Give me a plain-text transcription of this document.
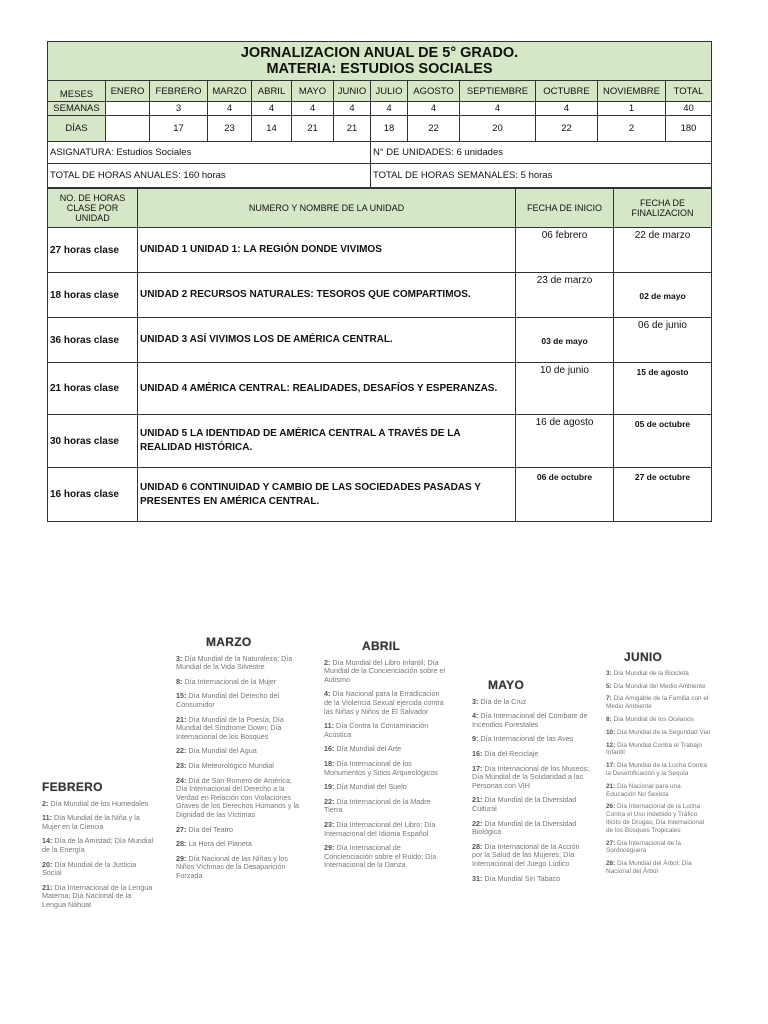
JORNALIZACION ANUAL DE 5° GRADO.
MATERIA: ESTUDIOS SOCIALES												

MESES	ENERO	FEBRERO	MARZO	ABRIL	MAYO	JUNIO	JULIO	AGOSTO	SEPTIEMBRE	OCTUBRE	NOVIEMBRE	TOTAL
SEMANAS		3	4	4	4	4	4	4	4	4	1	40
DÍAS		17	23	14	21	21	18	22	20	22	2	180
ASIGNATURA: Estudios Sociales							N° DE UNIDADES: 6 unidades					
TOTAL DE HORAS ANUALES: 160 horas							TOTAL DE HORAS SEMANALES: 5 horas					
NO. DE HORAS CLASE POR UNIDAD	NUMERO Y NOMBRE DE LA UNIDAD	FECHA DE INICIO	FECHA DE FINALIZACION
27 horas clase	UNIDAD 1 UNIDAD 1: LA REGIÓN DONDE VIVIMOS	06 febrero	22 de marzo
18 horas clase	UNIDAD 2 RECURSOS NATURALES: TESOROS QUE COMPARTIMOS.	23 de marzo	02 de mayo
36 horas clase	UNIDAD 3 ASÍ VIVIMOS LOS DE AMÉRICA CENTRAL.	03 de mayo	06 de junio
21 horas clase	UNIDAD 4 AMÉRICA CENTRAL: REALIDADES, DESAFÍOS Y ESPERANZAS.	10 de junio	15 de agosto
30 horas clase	UNIDAD 5 LA IDENTIDAD DE AMÉRICA CENTRAL A TRAVÉS DE LA REALIDAD HISTÓRICA.	16 de agosto	05 de octubre
16 horas clase	UNIDAD 6 CONTINUIDAD Y CAMBIO DE LAS SOCIEDADES PASADAS Y PRESENTES EN AMÉRICA CENTRAL.	06 de octubre	27 de octubre
FEBRERO
2: Día Mundial de los Humedales
11: Día Mundial de la Niña y la Mujer en la Ciencia
14: Día de la Amistad; Día Mundial de la Energía
20: Día Mundial de la Justicia Social
21: Día Internacional de la Lengua Materna; Día Nacional de la Lengua Náhuat
MARZO
3: Día Mundial de la Naturaleza; Día Mundial de la Vida Silvestre
8: Día Internacional de la Mujer
15: Día Mundial del Derecho del Consumidor
21: Día Mundial de la Poesía; Día Mundial del Síndrome Down; Día Internacional de los Bosques
22: Día Mundial del Agua
23: Día Meteorológico Mundial
24: Día de San Romero de América; Día Internacional del Derecho a la Verdad en Relación con Violaciones Graves de los Derechos Humanos y la Dignidad de las Víctimas
27: Día del Teatro
28: La Hora del Planeta
29: Día Nacional de las Niñas y los Niños Víctimas de la Desaparición Forzada
ABRIL
2: Día Mundial del Libro Infantil; Día Mundial de la Concienciación sobre el Autismo
4: Día Nacional para la Erradicación de la Violencia Sexual ejercida contra las Niñas y Niños de El Salvador
11: Día Contra la Contaminación Acústica
16: Día Mundial del Arte
18: Día Internacional de los Monumentos y Sitios Arqueológicos
19: Día Mundial del Suelo
22: Día Internacional de la Madre Tierra
23: Día Internacional del Libro; Día Internacional del Idioma Español
29: Día Internacional de Concienciación sobre el Ruido; Día Internacional de la Danza
MAYO
3: Día de la Cruz
4: Día Internacional del Combate de Incendios Forestales
9: Día Internacional de las Aves
16: Día del Reciclaje
17: Día Internacional de los Museos; Día Mundial de la Solidaridad a las Personas con VIH
21: Día Mundial de la Diversidad Cultural
22: Día Mundial de la Diversidad Biológica
28: Día Internacional de la Acción por la Salud de las Mujeres; Día Internacional del Juego Lúdico
31: Día Mundial Sin Tabaco
JUNIO
3: Día Mundial de la Bicicleta
5: Día Mundial del Medio Ambiente
7: Día Amigable de la Familia con el Medio Ambiente
8: Día Mundial de los Océanos
10: Día Mundial de la Seguridad Vial
12: Día Mundial Contra el Trabajo Infantil
17: Día Mundial de la Lucha Contra la Desertificación y la Sequía
21: Día Nacional para una Educación No Sexista
26: Día Internacional de la Lucha Contra el Uso Indebido y Tráfico Ilícito de Drogas; Día Internacional de los Bosques Tropicales
27: Día Internacional de la Sordoceguera
28: Día Mundial del Árbol; Día Nacional del Árbol
